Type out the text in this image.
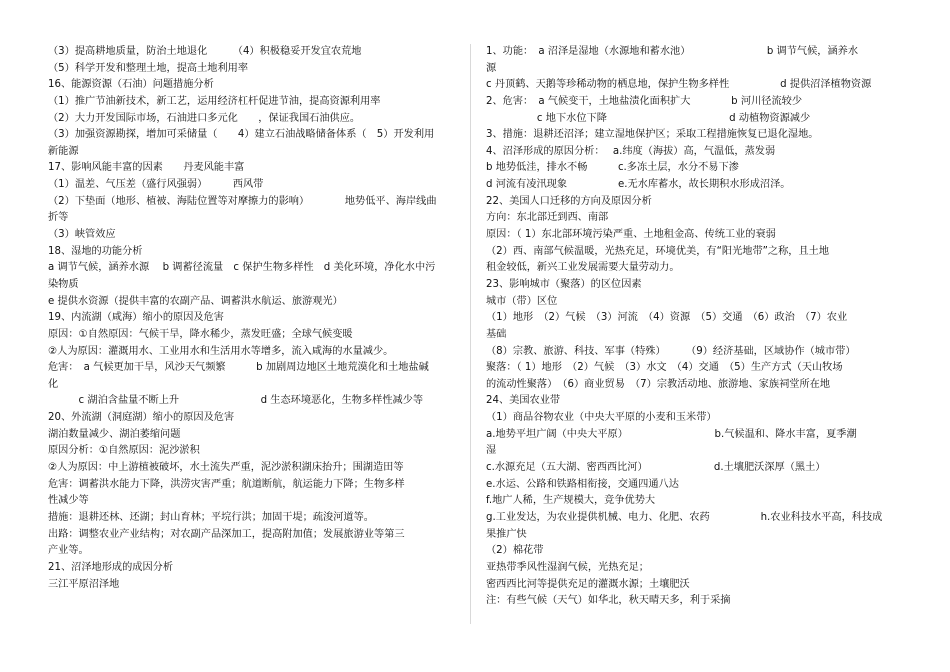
（3）提高耕地质量，防治土地退化　　　（4）积极稳妥开发宜农荒地
（5）科学开发和整理土地，提高土地利用率
16、能源资源（石油）问题措施分析
（1）推广节油新技术，新工艺，运用经济杠杆促进节油，提高资源利用率
（2）大力开发国际市场，石油进口多元化　　，保证我国石油供应。
（3）加强资源勘探，增加可采储量（　　4）建立石油战略储备体系（　5）开发利用
新能源
17、影响风能丰富的因素　　丹麦风能丰富
（1）温差、气压差（盛行风强弱）　　　西风带
（2）下垫面（地形、植被、海陆位置等对摩擦力的影响）　　　　地势低平、海岸线曲
折等
（3）峡管效应
18、湿地的功能分析
a 调节气候，涵养水源　 b 调蓄径流量　c 保护生物多样性　d 美化环境，净化水中污
染物质
e 提供水资源（提供丰富的农副产品、调蓄洪水航运、旅游观光）
19、内流湖（咸海）缩小的原因及危害
原因：①自然原因：气候干旱，降水稀少，蒸发旺盛；全球气候变暖
②人为原因：灌溉用水、工业用水和生活用水等增多，流入咸海的水量减少。
危害：　a 气候更加干旱，风沙天气频繁　　　b 加剧周边地区土地荒漠化和土地盐碱
化
　　　c 湖泊含盐量不断上升　　　　　　　　d 生态环境恶化，生物多样性减少等
20、外流湖（洞庭湖）缩小的原因及危害
湖泊数量减少、湖泊萎缩问题
原因分析：①自然原因：泥沙淤积
②人为原因：中上游植被破坏，水土流失严重，泥沙淤积湖床抬升；围湖造田等
危害：调蓄洪水能力下降，洪涝灾害严重；航道断航，航运能力下降；生物多样
性减少等
措施：退耕还林、还湖；封山育林；平垸行洪；加固干堤；疏浚河道等。
出路：调整农业产业结构；对农副产品深加工，提高附加值；发展旅游业等第三
产业等。
21、沼泽地形成的成因分析
三江平原沼泽地
1、功能：　a 沼泽是湿地（水源地和蓄水池）　　　　　　　　b 调节气候，涵养水
源
c 丹顶鹤、天鹅等珍稀动物的栖息地，保护生物多样性　　　　　d 提供沼泽植物资源
2、危害：　a 气候变干，土地盐渍化面积扩大　　　　b 河川径流较少
　　　　　c 地下水位下降　　　　　　　　　　　　d 动植物资源减少
3、措施：退耕还沼泽；建立湿地保护区；采取工程措施恢复已退化湿地。
4、沼泽形成的原因分析：　 a.纬度（海拔）高，气温低，蒸发弱
b 地势低洼，排水不畅　　　c.多冻土层，水分不易下渗
d 河流有凌汛现象　　　　　e.无水库蓄水，故长期积水形成沼泽。
22、美国人口迁移的方向及原因分析
方向：东北部迁到西、南部
原因：（ 1）东北部环境污染严重、土地租金高、传统工业的衰弱
（2）西、南部气候温暖，光热充足，环境优美，有“阳光地带”之称，且土地
租金较低，新兴工业发展需要大量劳动力。
23、影响城市（聚落）的区位因素
城市（带）区位
（1）地形　（2）气候　（3）河流　（4）资源　（5）交通　（6）政治　（7）农业
基础
（8）宗教、旅游、科技、军事（特殊）　　　（9）经济基础，区域协作（城市带）
聚落：（ 1）地形　（2）气候　（3）水文　（4）交通　（5）生产方式（天山牧场
的流动性聚落）　（6）商业贸易　（7）宗教活动地、旅游地、家族祠堂所在地
24、美国农业带
（1）商品谷物农业（中央大平原的小麦和玉米带）
a.地势平坦广阔（中央大平原）　　　　　　　　　b.气候温和、降水丰富，夏季潮
湿
c.水源充足（五大湖、密西西比河）　　　　　　　d.土壤肥沃深厚（黑土）
e.水运、公路和铁路相衔接，交通四通八达
f.地广人稀，生产规模大，竞争优势大
g.工业发达，为农业提供机械、电力、化肥、农药　　　　　h.农业科技水平高，科技成
果推广快
（2）棉花带
亚热带季风性湿润气候，光热充足；
密西西比河等提供充足的灌溉水源；土壤肥沃
注：有些气候（天气）如华北，秋天晴天多，利于采摘
